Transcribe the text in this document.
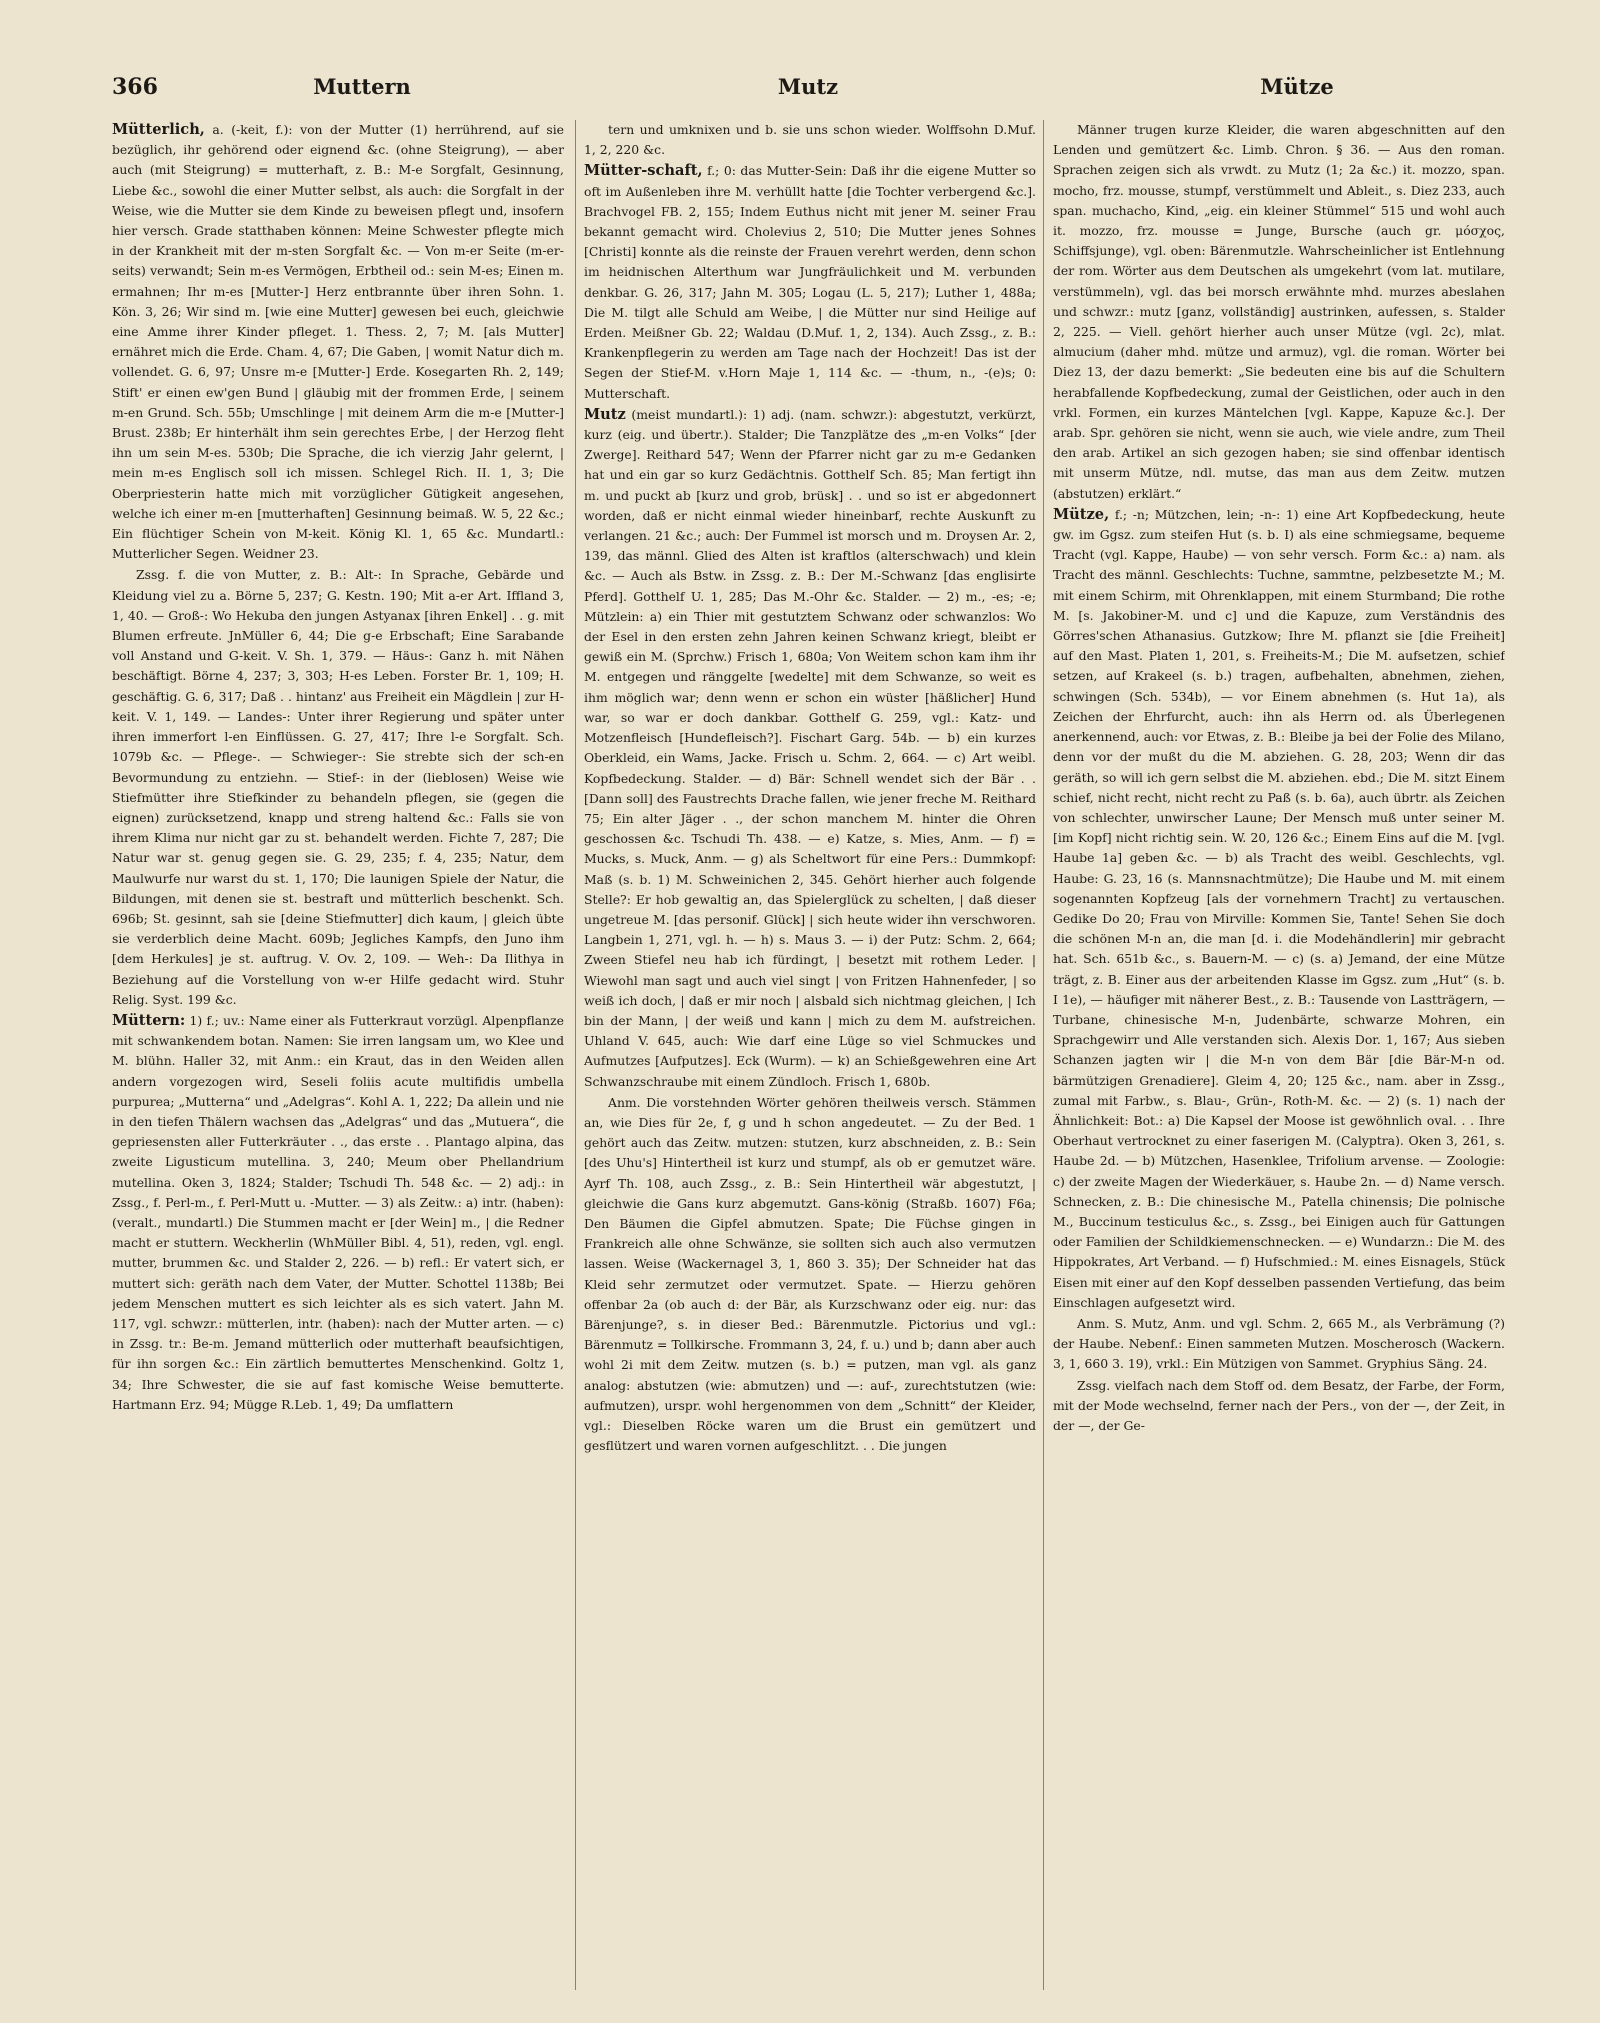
366	Muttern	Mutz	Mütze

Mütterlich, a. (-keit, f.): von der Mutter (1) herrührend, auf sie bezüglich, ihr gehörend oder eignend &c. (ohne Steigrung), — aber auch (mit Steigrung) = mutterhaft, z. B.: M-e Sorgfalt, Gesinnung, Liebe &c., sowohl die einer Mutter selbst, als auch: die Sorgfalt in der Weise, wie die Mutter sie dem Kinde zu beweisen pflegt und, insofern hier versch. Grade statthaben können: Meine Schwester pflegte mich in der Krankheit mit der m-sten Sorgfalt &c. — Von m-er Seite (m-er-seits) verwandt; Sein m-es Vermögen, Erbtheil od.: sein M-es; Einen m. ermahnen; Ihr m-es [Mutter-] Herz entbrannte über ihren Sohn. 1. Kön. 3, 26; Wir sind m. [wie eine Mutter] gewesen bei euch, gleichwie eine Amme ihrer Kinder pfleget. 1. Thess. 2, 7; M. [als Mutter] ernähret mich die Erde. Cham. 4, 67; Die Gaben, | womit Natur dich m. vollendet. G. 6, 97; Unsre m-e [Mutter-] Erde. Kosegarten Rh. 2, 149; Stift' er einen ew'gen Bund | gläubig mit der frommen Erde, | seinem m-en Grund. Sch. 55b; Umschlinge | mit deinem Arm die m-e [Mutter-] Brust. 238b; Er hinterhält ihm sein gerechtes Erbe, | der Herzog fleht ihn um sein M-es. 530b; Die Sprache, die ich vierzig Jahr gelernt, | mein m-es Englisch soll ich missen. Schlegel Rich. II. 1, 3; Die Oberpriesterin hatte mich mit vorzüglicher Gütigkeit angesehen, welche ich einer m-en [mutterhaften] Gesinnung beimaß. W. 5, 22 &c.; Ein flüchtiger Schein von M-keit. König Kl. 1, 65 &c. Mundartl.: Mutterlicher Segen. Weidner 23.

Zssg. f. die von Mutter, z. B.: Alt-: In Sprache, Gebärde und Kleidung viel zu a. Börne 5, 237; G. Kestn. 190; Mit a-er Art. Iffland 3, 1, 40. — Groß-: Wo Hekuba den jungen Astyanax [ihren Enkel] . . g. mit Blumen erfreute. JnMüller 6, 44; Die g-e Erbschaft; Eine Sarabande voll Anstand und G-keit. V. Sh. 1, 379. — Häus-: Ganz h. mit Nähen beschäftigt. Börne 4, 237; 3, 303; H-es Leben. Forster Br. 1, 109; H. geschäftig. G. 6, 317; Daß . . hintanz' aus Freiheit ein Mägdlein | zur H-keit. V. 1, 149. — Landes-: Unter ihrer Regierung und später unter ihren immerfort l-en Einflüssen. G. 27, 417; Ihre l-e Sorgfalt. Sch. 1079b &c. — Pflege-. — Schwieger-: Sie strebte sich der sch-en Bevormundung zu entziehn. — Stief-: in der (lieblosen) Weise wie Stiefmütter ihre Stiefkinder zu behandeln pflegen, sie (gegen die eignen) zurücksetzend, knapp und streng haltend &c.: Falls sie von ihrem Klima nur nicht gar zu st. behandelt werden. Fichte 7, 287; Die Natur war st. genug gegen sie. G. 29, 235; f. 4, 235; Natur, dem Maulwurfe nur warst du st. 1, 170; Die launigen Spiele der Natur, die Bildungen, mit denen sie st. bestraft und mütterlich beschenkt. Sch. 696b; St. gesinnt, sah sie [deine Stiefmutter] dich kaum, | gleich übte sie verderblich deine Macht. 609b; Jegliches Kampfs, den Juno ihm [dem Herkules] je st. auftrug. V. Ov. 2, 109. — Weh-: Da Ilithya in Beziehung auf die Vorstellung von w-er Hilfe gedacht wird. Stuhr Relig. Syst. 199 &c.

Müttern: 1) f.; uv.: Name einer als Futterkraut vorzügl. Alpenpflanze mit schwankendem botan. Namen: Sie irren langsam um, wo Klee und M. blühn. Haller 32, mit Anm.: ein Kraut, das in den Weiden allen andern vorgezogen wird, Seseli foliis acute multifidis umbella purpurea; „Mutterna“ und „Adelgras“. Kohl A. 1, 222; Da allein und nie in den tiefen Thälern wachsen das „Adelgras“ und das „Mutuera“, die gepriesensten aller Futterkräuter . ., das erste . . Plantago alpina, das zweite Ligusticum mutellina. 3, 240; Meum ober Phellandrium mutellina. Oken 3, 1824; Stalder; Tschudi Th. 548 &c. — 2) adj.: in Zssg., f. Perl-m., f. Perl-Mutt u. -Mutter. — 3) als Zeitw.: a) intr. (haben): (veralt., mundartl.) Die Stummen macht er [der Wein] m., | die Redner macht er stuttern. Weckherlin (WhMüller Bibl. 4, 51), reden, vgl. engl. mutter, brummen &c. und Stalder 2, 226. — b) refl.: Er vatert sich, er muttert sich: geräth nach dem Vater, der Mutter. Schottel 1138b; Bei jedem Menschen muttert es sich leichter als es sich vatert. Jahn M. 117, vgl. schwzr.: mütterlen, intr. (haben): nach der Mutter arten. — c) in Zssg. tr.: Be-m. Jemand mütterlich oder mutterhaft beaufsichtigen, für ihn sorgen &c.: Ein zärtlich bemuttertes Menschenkind. Goltz 1, 34; Ihre Schwester, die sie auf fast komische Weise bemutterte. Hartmann Erz. 94; Mügge R.Leb. 1, 49; Da umflattern

tern und umknixen und b. sie uns schon wieder. Wolffsohn D.Muf. 1, 2, 220 &c.

Mütter-schaft, f.; 0: das Mutter-Sein: Daß ihr die eigene Mutter so oft im Außenleben ihre M. verhüllt hatte [die Tochter verbergend &c.]. Brachvogel FB. 2, 155; Indem Euthus nicht mit jener M. seiner Frau bekannt gemacht wird. Cholevius 2, 510; Die Mutter jenes Sohnes [Christi] konnte als die reinste der Frauen verehrt werden, denn schon im heidnischen Alterthum war Jungfräulichkeit und M. verbunden denkbar. G. 26, 317; Jahn M. 305; Logau (L. 5, 217); Luther 1, 488a; Die M. tilgt alle Schuld am Weibe, | die Mütter nur sind Heilige auf Erden. Meißner Gb. 22; Waldau (D.Muf. 1, 2, 134). Auch Zssg., z. B.: Krankenpflegerin zu werden am Tage nach der Hochzeit! Das ist der Segen der Stief-M. v.Horn Maje 1, 114 &c. — -thum, n., -(e)s; 0: Mutterschaft.

Mutz (meist mundartl.): 1) adj. (nam. schwzr.): abgestutzt, verkürzt, kurz (eig. und übertr.). Stalder; Die Tanzplätze des „m-en Volks“ [der Zwerge]. Reithard 547; Wenn der Pfarrer nicht gar zu m-e Gedanken hat und ein gar so kurz Gedächtnis. Gotthelf Sch. 85; Man fertigt ihn m. und puckt ab [kurz und grob, brüsk] . . und so ist er abgedonnert worden, daß er nicht einmal wieder hineinbarf, rechte Auskunft zu verlangen. 21 &c.; auch: Der Fummel ist morsch und m. Droysen Ar. 2, 139, das männl. Glied des Alten ist kraftlos (alterschwach) und klein &c. — Auch als Bstw. in Zssg. z. B.: Der M.-Schwanz [das englisirte Pferd]. Gotthelf U. 1, 285; Das M.-Ohr &c. Stalder. — 2) m., -es; -e; Mützlein: a) ein Thier mit gestutztem Schwanz oder schwanzlos: Wo der Esel in den ersten zehn Jahren keinen Schwanz kriegt, bleibt er gewiß ein M. (Sprchw.) Frisch 1, 680a; Von Weitem schon kam ihm ihr M. entgegen und ränggelte [wedelte] mit dem Schwanze, so weit es ihm möglich war; denn wenn er schon ein wüster [häßlicher] Hund war, so war er doch dankbar. Gotthelf G. 259, vgl.: Katz- und Motzenfleisch [Hundefleisch?]. Fischart Garg. 54b. — b) ein kurzes Oberkleid, ein Wams, Jacke. Frisch u. Schm. 2, 664. — c) Art weibl. Kopfbedeckung. Stalder. — d) Bär: Schnell wendet sich der Bär . . [Dann soll] des Faustrechts Drache fallen, wie jener freche M. Reithard 75; Ein alter Jäger . ., der schon manchem M. hinter die Ohren geschossen &c. Tschudi Th. 438. — e) Katze, s. Mies, Anm. — f) = Mucks, s. Muck, Anm. — g) als Scheltwort für eine Pers.: Dummkopf: Maß (s. b. 1) M. Schweinichen 2, 345. Gehört hierher auch folgende Stelle?: Er hob gewaltig an, das Spielerglück zu schelten, | daß dieser ungetreue M. [das personif. Glück] | sich heute wider ihn verschworen. Langbein 1, 271, vgl. h. — h) s. Maus 3. — i) der Putz: Schm. 2, 664; Zween Stiefel neu hab ich fürdingt, | besetzt mit rothem Leder. | Wiewohl man sagt und auch viel singt | von Fritzen Hahnenfeder, | so weiß ich doch, | daß er mir noch | alsbald sich nichtmag gleichen, | Ich bin der Mann, | der weiß und kann | mich zu dem M. aufstreichen. Uhland V. 645, auch: Wie darf eine Lüge so viel Schmuckes und Aufmutzes [Aufputzes]. Eck (Wurm). — k) an Schießgewehren eine Art Schwanzschraube mit einem Zündloch. Frisch 1, 680b.

Anm. Die vorstehnden Wörter gehören theilweis versch. Stämmen an, wie Dies für 2e, f, g und h schon angedeutet. — Zu der Bed. 1 gehört auch das Zeitw. mutzen: stutzen, kurz abschneiden, z. B.: Sein [des Uhu's] Hintertheil ist kurz und stumpf, als ob er gemutzet wäre. Ayrf Th. 108, auch Zssg., z. B.: Sein Hintertheil wär abgestutzt, | gleichwie die Gans kurz abgemutzt. Gans-könig (Straßb. 1607) F6a; Den Bäumen die Gipfel abmutzen. Spate; Die Füchse gingen in Frankreich alle ohne Schwänze, sie sollten sich auch also vermutzen lassen. Weise (Wackernagel 3, 1, 860 3. 35); Der Schneider hat das Kleid sehr zermutzet oder vermutzet. Spate. — Hierzu gehören offenbar 2a (ob auch d: der Bär, als Kurzschwanz oder eig. nur: das Bärenjunge?, s. in dieser Bed.: Bärenmutzle. Pictorius und vgl.: Bärenmutz = Tollkirsche. Frommann 3, 24, f. u.) und b; dann aber auch wohl 2i mit dem Zeitw. mutzen (s. b.) = putzen, man vgl. als ganz analog: abstutzen (wie: abmutzen) und —: auf-, zurechtstutzen (wie: aufmutzen), urspr. wohl hergenommen von dem „Schnitt“ der Kleider, vgl.: Dieselben Röcke waren um die Brust ein gemützert und gesflützert und waren vornen aufgeschlitzt. . . Die jungen

Männer trugen kurze Kleider, die waren abgeschnitten auf den Lenden und gemützert &c. Limb. Chron. § 36. — Aus den roman. Sprachen zeigen sich als vrwdt. zu Mutz (1; 2a &c.) it. mozzo, span. mocho, frz. mousse, stumpf, verstümmelt und Ableit., s. Diez 233, auch span. muchacho, Kind, „eig. ein kleiner Stümmel“ 515 und wohl auch it. mozzo, frz. mousse = Junge, Bursche (auch gr. μόσχος, Schiffsjunge), vgl. oben: Bärenmutzle. Wahrscheinlicher ist Entlehnung der rom. Wörter aus dem Deutschen als umgekehrt (vom lat. mutilare, verstümmeln), vgl. das bei morsch erwähnte mhd. murzes abeslahen und schwzr.: mutz [ganz, vollständig] austrinken, aufessen, s. Stalder 2, 225. — Viell. gehört hierher auch unser Mütze (vgl. 2c), mlat. almucium (daher mhd. mütze und armuz), vgl. die roman. Wörter bei Diez 13, der dazu bemerkt: „Sie bedeuten eine bis auf die Schultern herabfallende Kopfbedeckung, zumal der Geistlichen, oder auch in den vrkl. Formen, ein kurzes Mäntelchen [vgl. Kappe, Kapuze &c.]. Der arab. Spr. gehören sie nicht, wenn sie auch, wie viele andre, zum Theil den arab. Artikel an sich gezogen haben; sie sind offenbar identisch mit unserm Mütze, ndl. mutse, das man aus dem Zeitw. mutzen (abstutzen) erklärt.“

Mütze, f.; -n; Mützchen, lein; -n-: 1) eine Art Kopfbedeckung, heute gw. im Ggsz. zum steifen Hut (s. b. I) als eine schmiegsame, bequeme Tracht (vgl. Kappe, Haube) — von sehr versch. Form &c.: a) nam. als Tracht des männl. Geschlechts: Tuchne, sammtne, pelzbesetzte M.; M. mit einem Schirm, mit Ohrenklappen, mit einem Sturmband; Die rothe M. [s. Jakobiner-M. und c] und die Kapuze, zum Verständnis des Görres'schen Athanasius. Gutzkow; Ihre M. pflanzt sie [die Freiheit] auf den Mast. Platen 1, 201, s. Freiheits-M.; Die M. aufsetzen, schief setzen, auf Krakeel (s. b.) tragen, aufbehalten, abnehmen, ziehen, schwingen (Sch. 534b), — vor Einem abnehmen (s. Hut 1a), als Zeichen der Ehrfurcht, auch: ihn als Herrn od. als Überlegenen anerkennend, auch: vor Etwas, z. B.: Bleibe ja bei der Folie des Milano, denn vor der mußt du die M. abziehen. G. 28, 203; Wenn dir das geräth, so will ich gern selbst die M. abziehen. ebd.; Die M. sitzt Einem schief, nicht recht, nicht recht zu Paß (s. b. 6a), auch übrtr. als Zeichen von schlechter, unwirscher Laune; Der Mensch muß unter seiner M. [im Kopf] nicht richtig sein. W. 20, 126 &c.; Einem Eins auf die M. [vgl. Haube 1a] geben &c. — b) als Tracht des weibl. Geschlechts, vgl. Haube: G. 23, 16 (s. Mannsnachtmütze); Die Haube und M. mit einem sogenannten Kopfzeug [als der vornehmern Tracht] zu vertauschen. Gedike Do 20; Frau von Mirville: Kommen Sie, Tante! Sehen Sie doch die schönen M-n an, die man [d. i. die Modehändlerin] mir gebracht hat. Sch. 651b &c., s. Bauern-M. — c) (s. a) Jemand, der eine Mütze trägt, z. B. Einer aus der arbeitenden Klasse im Ggsz. zum „Hut“ (s. b. I 1e), — häufiger mit näherer Best., z. B.: Tausende von Lastträgern, — Turbane, chinesische M-n, Judenbärte, schwarze Mohren, ein Sprachgewirr und Alle verstanden sich. Alexis Dor. 1, 167; Aus sieben Schanzen jagten wir | die M-n von dem Bär [die Bär-M-n od. bärmützigen Grenadiere]. Gleim 4, 20; 125 &c., nam. aber in Zssg., zumal mit Farbw., s. Blau-, Grün-, Roth-M. &c. — 2) (s. 1) nach der Ähnlichkeit: Bot.: a) Die Kapsel der Moose ist gewöhnlich oval. . . Ihre Oberhaut vertrocknet zu einer faserigen M. (Calyptra). Oken 3, 261, s. Haube 2d. — b) Mützchen, Hasenklee, Trifolium arvense. — Zoologie: c) der zweite Magen der Wiederkäuer, s. Haube 2n. — d) Name versch. Schnecken, z. B.: Die chinesische M., Patella chinensis; Die polnische M., Buccinum testiculus &c., s. Zssg., bei Einigen auch für Gattungen oder Familien der Schildkiemenschnecken. — e) Wundarzn.: Die M. des Hippokrates, Art Verband. — f) Hufschmied.: M. eines Eisnagels, Stück Eisen mit einer auf den Kopf desselben passenden Vertiefung, das beim Einschlagen aufgesetzt wird.

Anm. S. Mutz, Anm. und vgl. Schm. 2, 665 M., als Verbrämung (?) der Haube. Nebenf.: Einen sammeten Mutzen. Moscherosch (Wackern. 3, 1, 660 3. 19), vrkl.: Ein Mützigen von Sammet. Gryphius Säng. 24.

Zssg. vielfach nach dem Stoff od. dem Besatz, der Farbe, der Form, mit der Mode wechselnd, ferner nach der Pers., von der —, der Zeit, in der —, der Ge-
